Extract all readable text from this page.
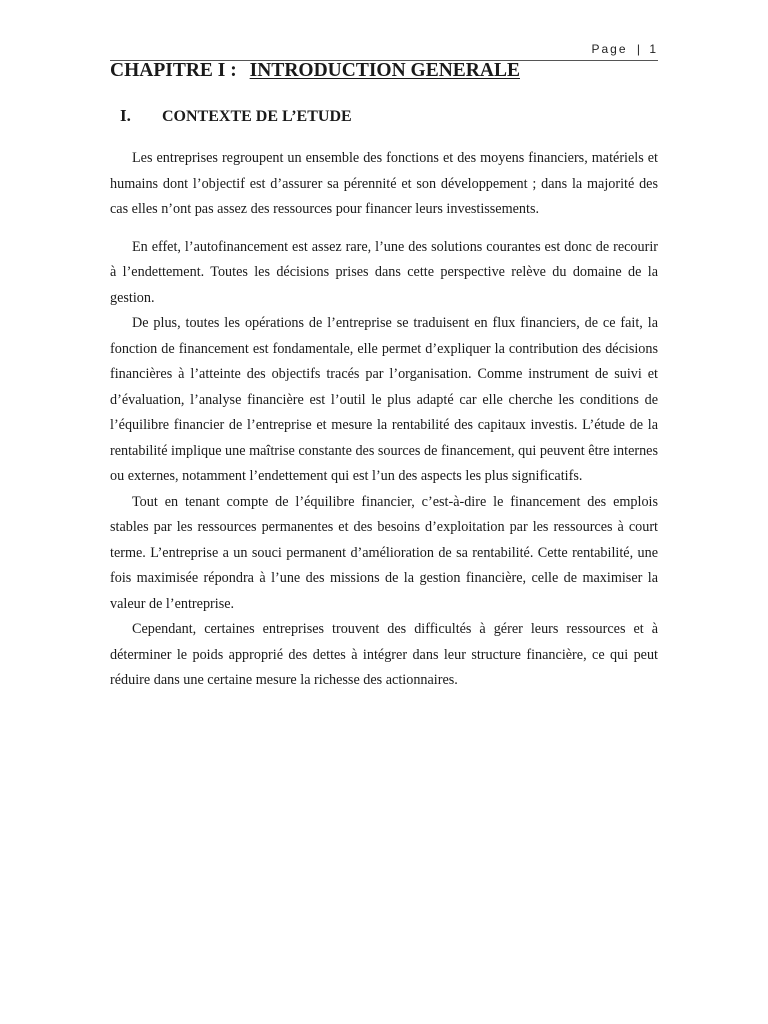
Page | 1
CHAPITRE I : INTRODUCTION GENERALE
I. CONTEXTE DE L’ETUDE

Les entreprises regroupent un ensemble des fonctions et des moyens financiers, matériels et humains dont l’objectif est d’assurer sa pérennité et son développement ; dans la majorité des cas elles n’ont pas assez des ressources pour financer leurs investissements.

En effet, l’autofinancement est assez rare, l’une des solutions courantes est donc de recourir à l’endettement. Toutes les décisions prises dans cette perspective relève du domaine de la gestion.

De plus, toutes les opérations de l’entreprise se traduisent en flux financiers, de ce fait, la fonction de financement est fondamentale, elle permet d’expliquer la contribution des décisions financières à l’atteinte des objectifs tracés par l’organisation. Comme instrument de suivi et d’évaluation, l’analyse financière est l’outil le plus adapté car elle cherche les conditions de l’équilibre financier de l’entreprise et mesure la rentabilité des capitaux investis. L’étude de la rentabilité implique une maîtrise constante des sources de financement, qui peuvent être internes ou externes, notamment l’endettement qui est l’un des aspects les plus significatifs.

Tout en tenant compte de l’équilibre financier, c’est-à-dire le financement des emplois stables par les ressources permanentes et des besoins d’exploitation par les ressources à court terme. L’entreprise a un souci permanent d’amélioration de sa rentabilité. Cette rentabilité, une fois maximisée répondra à l’une des missions de la gestion financière, celle de maximiser la valeur de l’entreprise.

Cependant, certaines entreprises trouvent des difficultés à gérer leurs ressources et à déterminer le poids approprié des dettes à intégrer dans leur structure financière, ce qui peut réduire dans une certaine mesure la richesse des actionnaires.
